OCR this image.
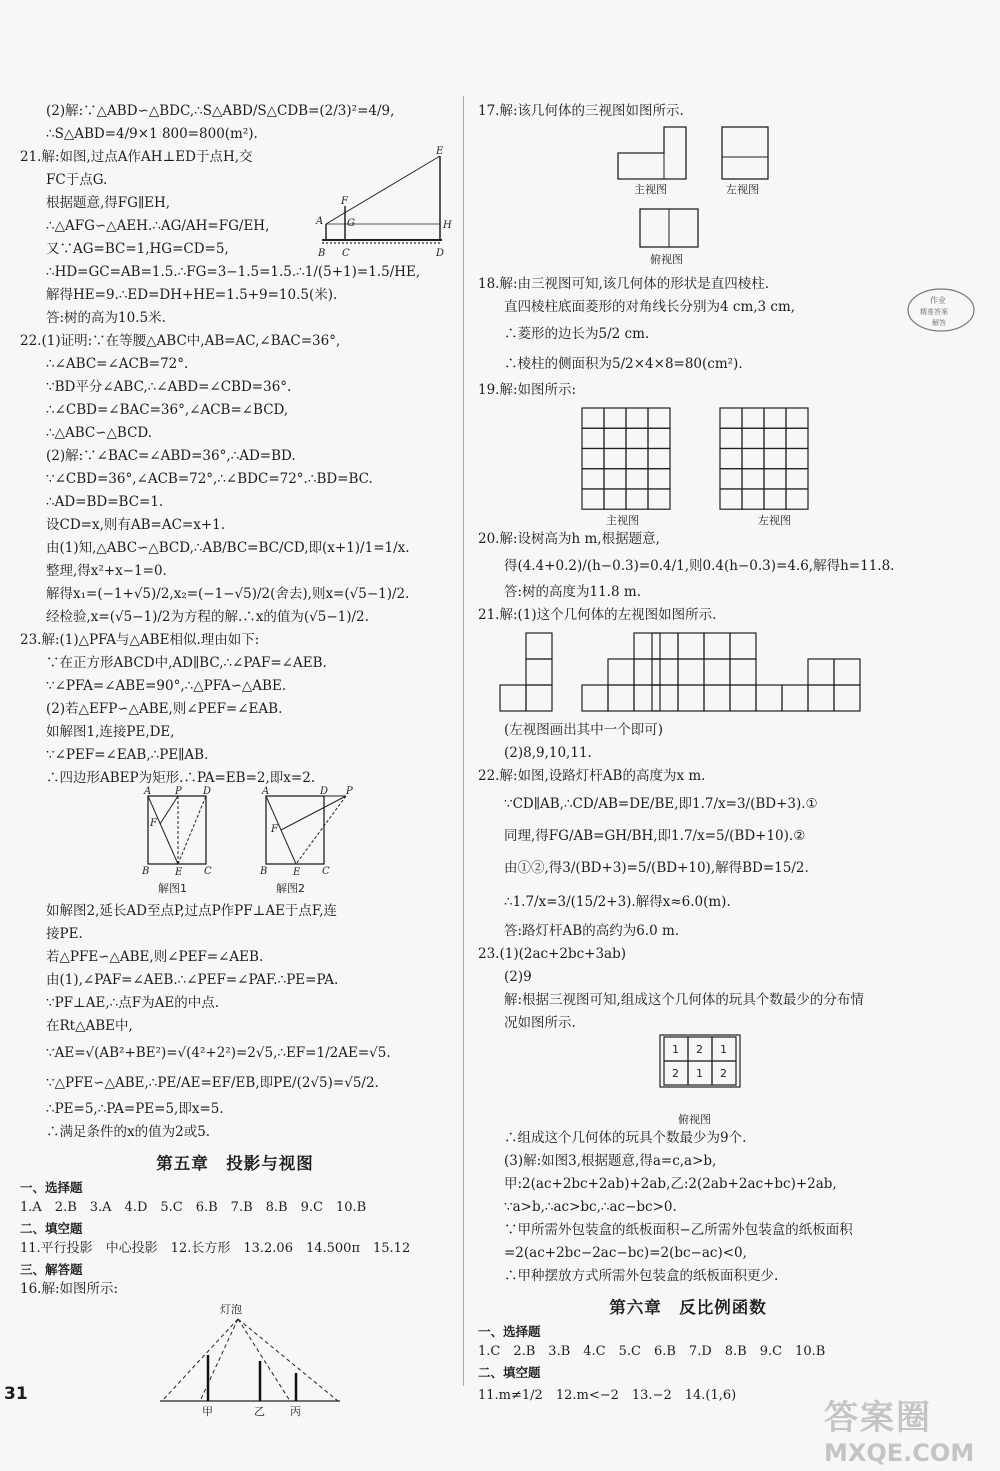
(2)解:∵△ABD∽△BDC,∴S△ABD/S△CDB=(2/3)²=4/9,
∴S△ABD=4/9×1 800=800(m²).
21.解:如图,过点A作AH⊥ED于点H,交
FC于点G.
根据题意,得FG∥EH,
∴△AFG∽△AEH.∴AG/AH=FG/EH,
又∵AG=BC=1,HG=CD=5,
E
F
A G	H
B C	D
∴HD=GC=AB=1.5.∴FG=3−1.5=1.5.∴1/(5+1)=1.5/HE,
解得HE=9.∴ED=DH+HE=1.5+9=10.5(米).
答:树的高为10.5米.
22.(1)证明:∵在等腰△ABC中,AB=AC,∠BAC=36°,
∴∠ABC=∠ACB=72°.
∵BD平分∠ABC,∴∠ABD=∠CBD=36°.
∴∠CBD=∠BAC=36°,∠ACB=∠BCD,
∴△ABC∽△BCD.
(2)解:∵∠BAC=∠ABD=36°,∴AD=BD.
∵∠CBD=36°,∠ACB=72°,∴∠BDC=72°.∴BD=BC.
∴AD=BD=BC=1.
设CD=x,则有AB=AC=x+1.
由(1)知,△ABC∽△BCD,∴AB/BC=BC/CD,即(x+1)/1=1/x.
整理,得x²+x−1=0.
解得x₁=(−1+√5)/2,x₂=(−1−√5)/2(舍去),则x=(√5−1)/2.
经检验,x=(√5−1)/2为方程的解.∴x的值为(√5−1)/2.
23.解:(1)△PFA与△ABE相似.理由如下:
∵在正方形ABCD中,AD∥BC,∴∠PAF=∠AEB.
∵∠PFA=∠ABE=90°,∴△PFA∽△ABE.
(2)若△EFP∽△ABE,则∠PEF=∠EAB.
如解图1,连接PE,DE,
∵∠PEF=∠EAB,∴PE∥AB.
∴四边形ABEP为矩形.∴PA=EB=2,即x=2.
A P D
F
B	E C
解图1
A	D P
F
B	E C
解图2
如解图2,延长AD至点P,过点P作PF⊥AE于点F,连
接PE.
若△PFE∽△ABE,则∠PEF=∠AEB.
由(1),∠PAF=∠AEB.∴∠PEF=∠PAF.∴PE=PA.
∵PF⊥AE,∴点F为AE的中点.
在Rt△ABE中,
∵AE=√(AB²+BE²)=√(4²+2²)=2√5,∴EF=1/2AE=√5.
∵△PFE∽△ABE,∴PE/AE=EF/EB,即PE/(2√5)=√5/2.
∴PE=5,∴PA=PE=5,即x=5.
∴满足条件的x的值为2或5.
第五章　投影与视图
一、选择题
1.A　2.B　3.A　4.D　5.C　6.B　7.B　8.B　9.C　10.B
二、填空题
11.平行投影　中心投影　12.长方形　13.2.06　14.500π　15.12
三、解答题
16.解:如图所示:
灯泡
甲	乙 丙
17.解:该几何体的三视图如图所示.
主视图	左视图
俯视图
18.解:由三视图可知,该几何体的形状是直四棱柱.
直四棱柱底面菱形的对角线长分别为4 cm,3 cm,
∴菱形的边长为5/2 cm.
∴棱柱的侧面积为5/2×4×8=80(cm²).
19.解:如图所示:
主视图	左视图
20.解:设树高为h m,根据题意,
得(4.4+0.2)/(h−0.3)=0.4/1,则0.4(h−0.3)=4.6,解得h=11.8.
答:树的高度为11.8 m.
21.解:(1)这个几何体的左视图如图所示.
(左视图画出其中一个即可)
(2)8,9,10,11.
22.解:如图,设路灯杆AB的高度为x m.
∵CD∥AB,∴CD/AB=DE/BE,即1.7/x=3/(BD+3).①
同理,得FG/AB=GH/BH,即1.7/x=5/(BD+10).②
由①②,得3/(BD+3)=5/(BD+10),解得BD=15/2.
∴1.7/x=3/(15/2+3).解得x≈6.0(m).
答:路灯杆AB的高约为6.0 m.
23.(1)(2ac+2bc+3ab)
(2)9
解:根据三视图可知,组成这个几何体的玩具个数最少的分布情
况如图所示.
俯视图
1 2 1
2 1 2
∴组成这个几何体的玩具个数最少为9个.
(3)解:如图3,根据题意,得a=c,a>b,
甲:2(ac+2bc+2ab)+2ab,乙:2(2ab+2ac+bc)+2ab,
∵a>b,∴ac>bc,∴ac−bc>0.
∵甲所需外包装盒的纸板面积−乙所需外包装盒的纸板面积
=2(ac+2bc−2ac−bc)=2(bc−ac)<0,
∴甲种摆放方式所需外包装盒的纸板面积更少.
第六章　反比例函数
一、选择题
1.C　2.B　3.B　4.C　5.C　6.B　7.D　8.B　9.C　10.B
二、填空题
11.m≠1/2　12.m<−2　13.−2　14.(1,6)
31
作业
精准答案
解答
答案圈
MXQE.COM
